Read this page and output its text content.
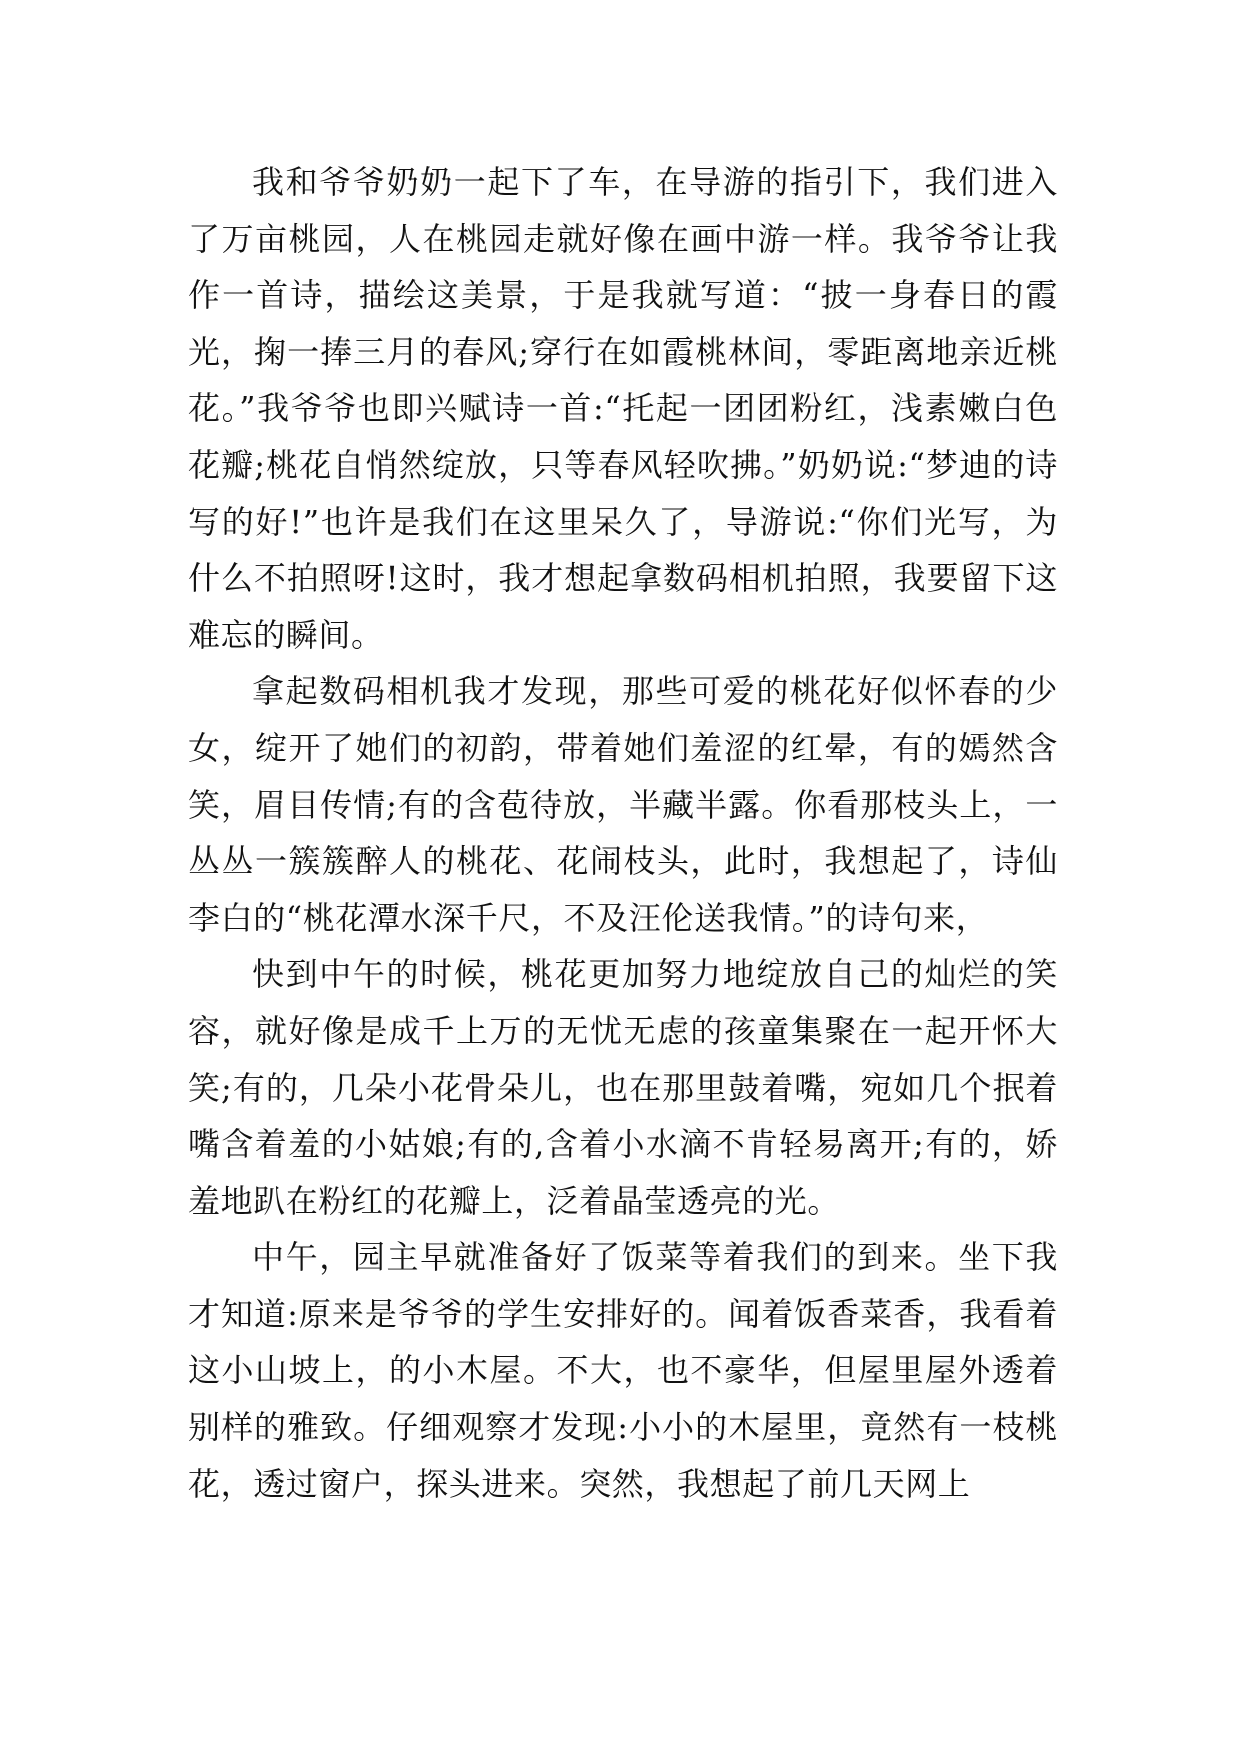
我和爷爷奶奶一起下了车，在导游的指引下，我们进入了万亩桃园，人在桃园走就好像在画中游一样。我爷爷让我作一首诗，描绘这美景，于是我就写道：“披一身春日的霞光，掬一捧三月的春风;穿行在如霞桃林间，零距离地亲近桃花。”我爷爷也即兴赋诗一首:“托起一团团粉红，浅素嫩白色花瓣;桃花自悄然绽放，只等春风轻吹拂。”奶奶说:“梦迪的诗写的好!”也许是我们在这里呆久了，导游说:“你们光写，为什么不拍照呀!这时，我才想起拿数码相机拍照，我要留下这难忘的瞬间。

拿起数码相机我才发现，那些可爱的桃花好似怀春的少女，绽开了她们的初韵，带着她们羞涩的红晕，有的嫣然含笑，眉目传情;有的含苞待放，半藏半露。你看那枝头上，一丛丛一簇簇醉人的桃花、花闹枝头，此时，我想起了，诗仙李白的“桃花潭水深千尺，不及汪伦送我情。”的诗句来，

快到中午的时候，桃花更加努力地绽放自己的灿烂的笑容，就好像是成千上万的无忧无虑的孩童集聚在一起开怀大笑;有的，几朵小花骨朵儿，也在那里鼓着嘴，宛如几个抿着嘴含着羞的小姑娘;有的,含着小水滴不肯轻易离开;有的，娇羞地趴在粉红的花瓣上，泛着晶莹透亮的光。

中午，园主早就准备好了饭菜等着我们的到来。坐下我才知道:原来是爷爷的学生安排好的。闻着饭香菜香，我看着这小山坡上，的小木屋。不大，也不豪华，但屋里屋外透着别样的雅致。仔细观察才发现:小小的木屋里，竟然有一枝桃花，透过窗户，探头进来。突然，我想起了前几天网上
